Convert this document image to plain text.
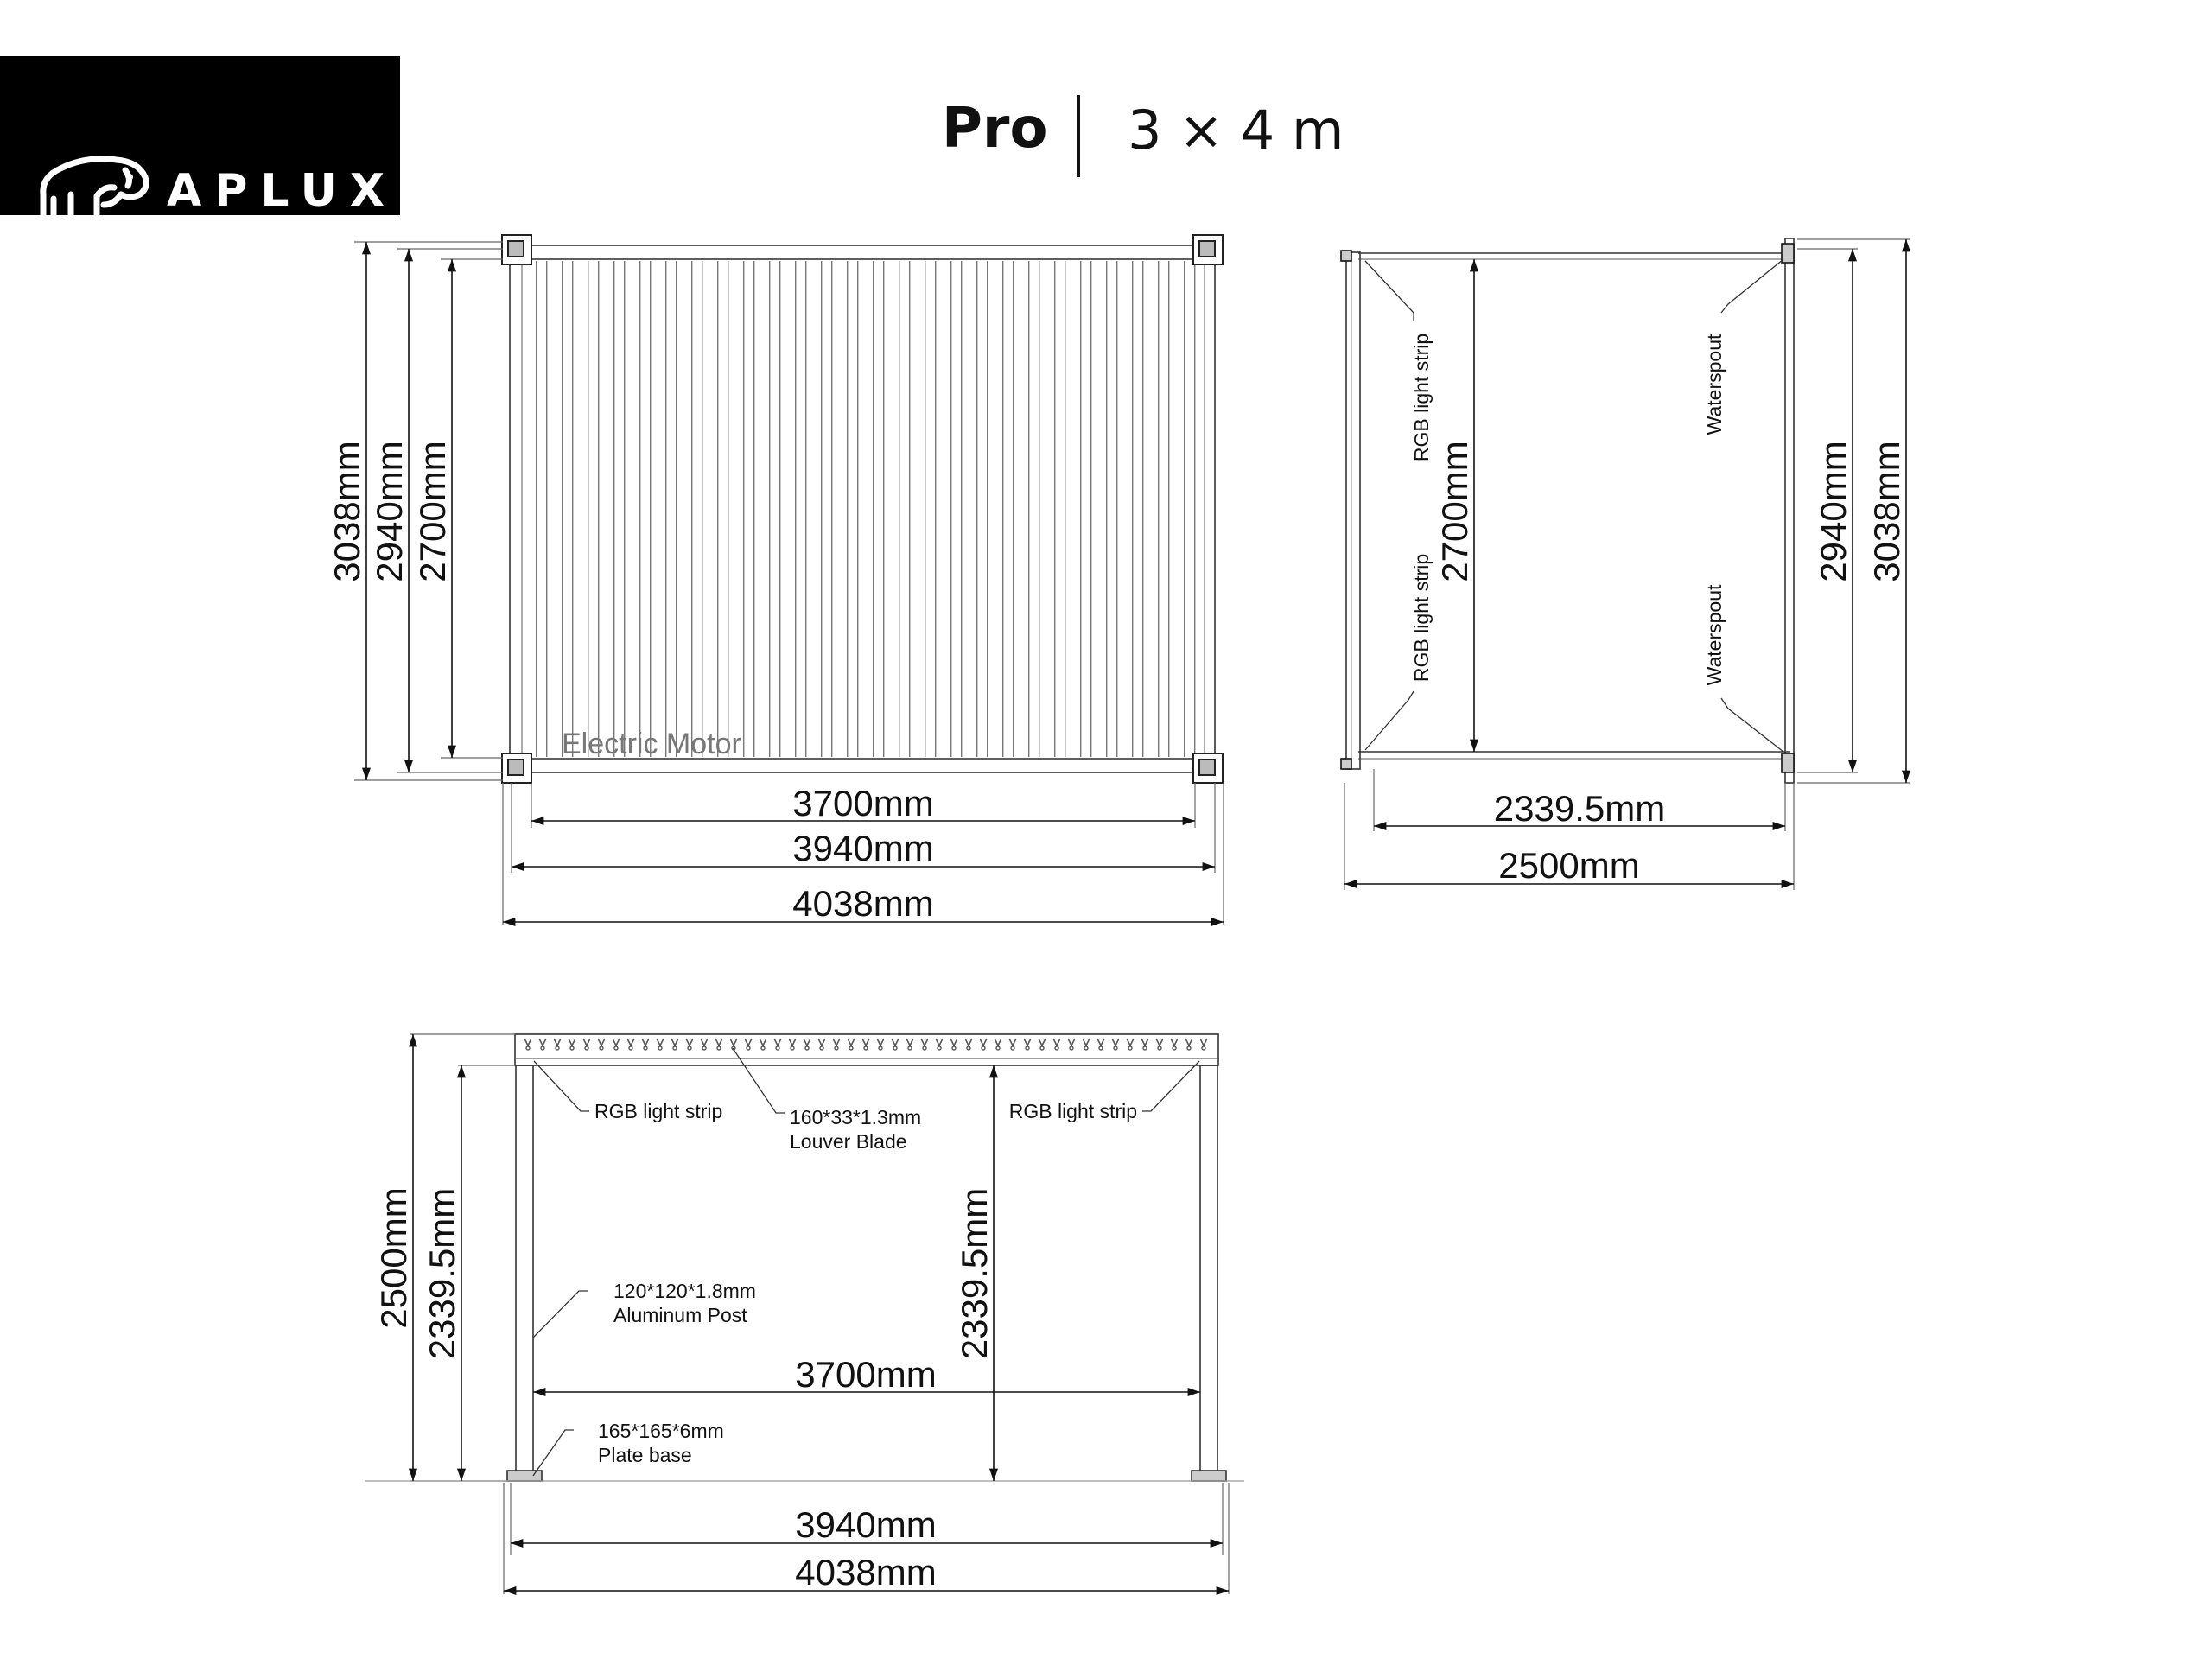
APLUX
Pro 3 × 4 m
3038mm 2940mm 2700mm
3700mm
3940mm
4038mm
Electric Motor
RGB light strip
RGB light strip
Waterspout
Waterspout
2700mm	2940mm 3038mm
2339.5mm
2500mm
2500mm 2339.5mm	2339.5mm
RGB light strip	160*33*1.3mm
Louver Blade
RGB light strip
120*120*1.8mm
Aluminum Post
3700mm
165*165*6mm
Plate base
3940mm
4038mm
